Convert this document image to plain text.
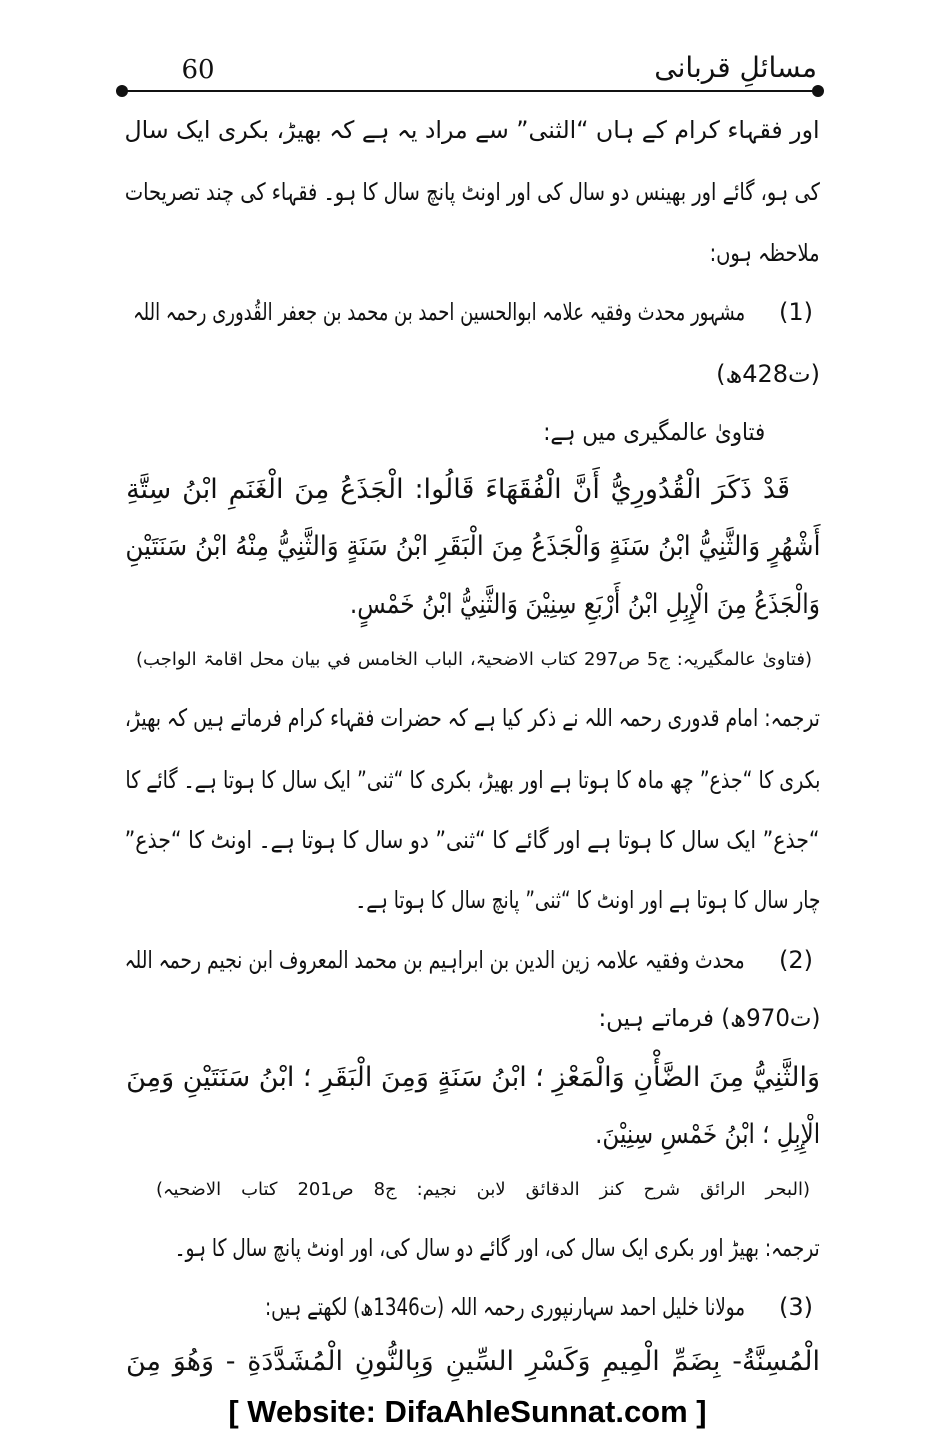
مسائلِ قربانی
60
اور فقہاء کرام کے ہاں “الثنی” سے مراد یہ ہے کہ بھیڑ، بکری ایک سال
کی ہو، گائے اور بھینس دو سال کی اور اونٹ پانچ سال کا ہو۔ فقہاء کی چند تصریحات
ملاحظہ ہوں:
(1)
مشہور محدث وفقیہ علامہ ابوالحسین احمد بن محمد بن جعفر القُدوری رحمہ اللہ
(ت428ھ)
فتاویٰ عالمگیری میں ہے:
قَدْ ذَكَرَ الْقُدُورِيُّ أَنَّ الْفُقَهَاءَ قَالُوا: الْجَذَعُ مِنَ الْغَنَمِ ابْنُ سِتَّةِ
أَشْهُرٍ وَالثَّنِيُّ ابْنُ سَنَةٍ وَالْجَذَعُ مِنَ الْبَقَرِ ابْنُ سَنَةٍ وَالثَّنِيُّ مِنْهُ ابْنُ سَنَتَيْنِ
وَالْجَذَعُ مِنَ الْإِبِلِ ابْنُ أَرْبَعِ سِنِيْنَ وَالثَّنِيُّ ابْنُ خَمْسٍ.
(فتاویٰ عالمگیریہ: ج5 ص297 کتاب الاضحیۃ، الباب الخامس في بیان محل اقامۃ الواجب)
ترجمہ: امام قدوری رحمہ اللہ نے ذکر کیا ہے کہ حضرات فقہاء کرام فرماتے ہیں کہ بھیڑ،
بکری کا “جذع” چھ ماہ کا ہوتا ہے اور بھیڑ، بکری کا “ثنی” ایک سال کا ہوتا ہے۔ گائے کا
“جذع” ایک سال کا ہوتا ہے اور گائے کا “ثنی” دو سال کا ہوتا ہے۔ اونٹ کا “جذع”
چار سال کا ہوتا ہے اور اونٹ کا “ثنی” پانچ سال کا ہوتا ہے۔
(2)
محدث وفقیہ علامہ زین الدین بن ابراہیم بن محمد المعروف ابن نجیم رحمہ اللہ
(ت970ھ) فرماتے ہیں:
وَالثَّنِيُّ مِنَ الضَّأْنِ وَالْمَعْزِ ؛ ابْنُ سَنَةٍ وَمِنَ الْبَقَرِ ؛ ابْنُ سَنَتَيْنِ وَمِنَ
الْإِبِلِ ؛ ابْنُ خَمْسِ سِنِيْنَ.
(البحر الرائق شرح کنز الدقائق لابن نجیم: ج8 ص201 کتاب الاضحیہ)
ترجمہ: بھیڑ اور بکری ایک سال کی، اور گائے دو سال کی، اور اونٹ پانچ سال کا ہو۔
(3)
مولانا خلیل احمد سہارنپوری رحمہ اللہ (ت1346ھ) لکھتے ہیں:
الْمُسِنَّةُ- بِضَمِّ الْمِيمِ وَكَسْرِ السِّينِ وَبِالنُّونِ الْمُشَدَّدَةِ - وَهُوَ مِنَ
[ Website: DifaAhleSunnat.com ]
